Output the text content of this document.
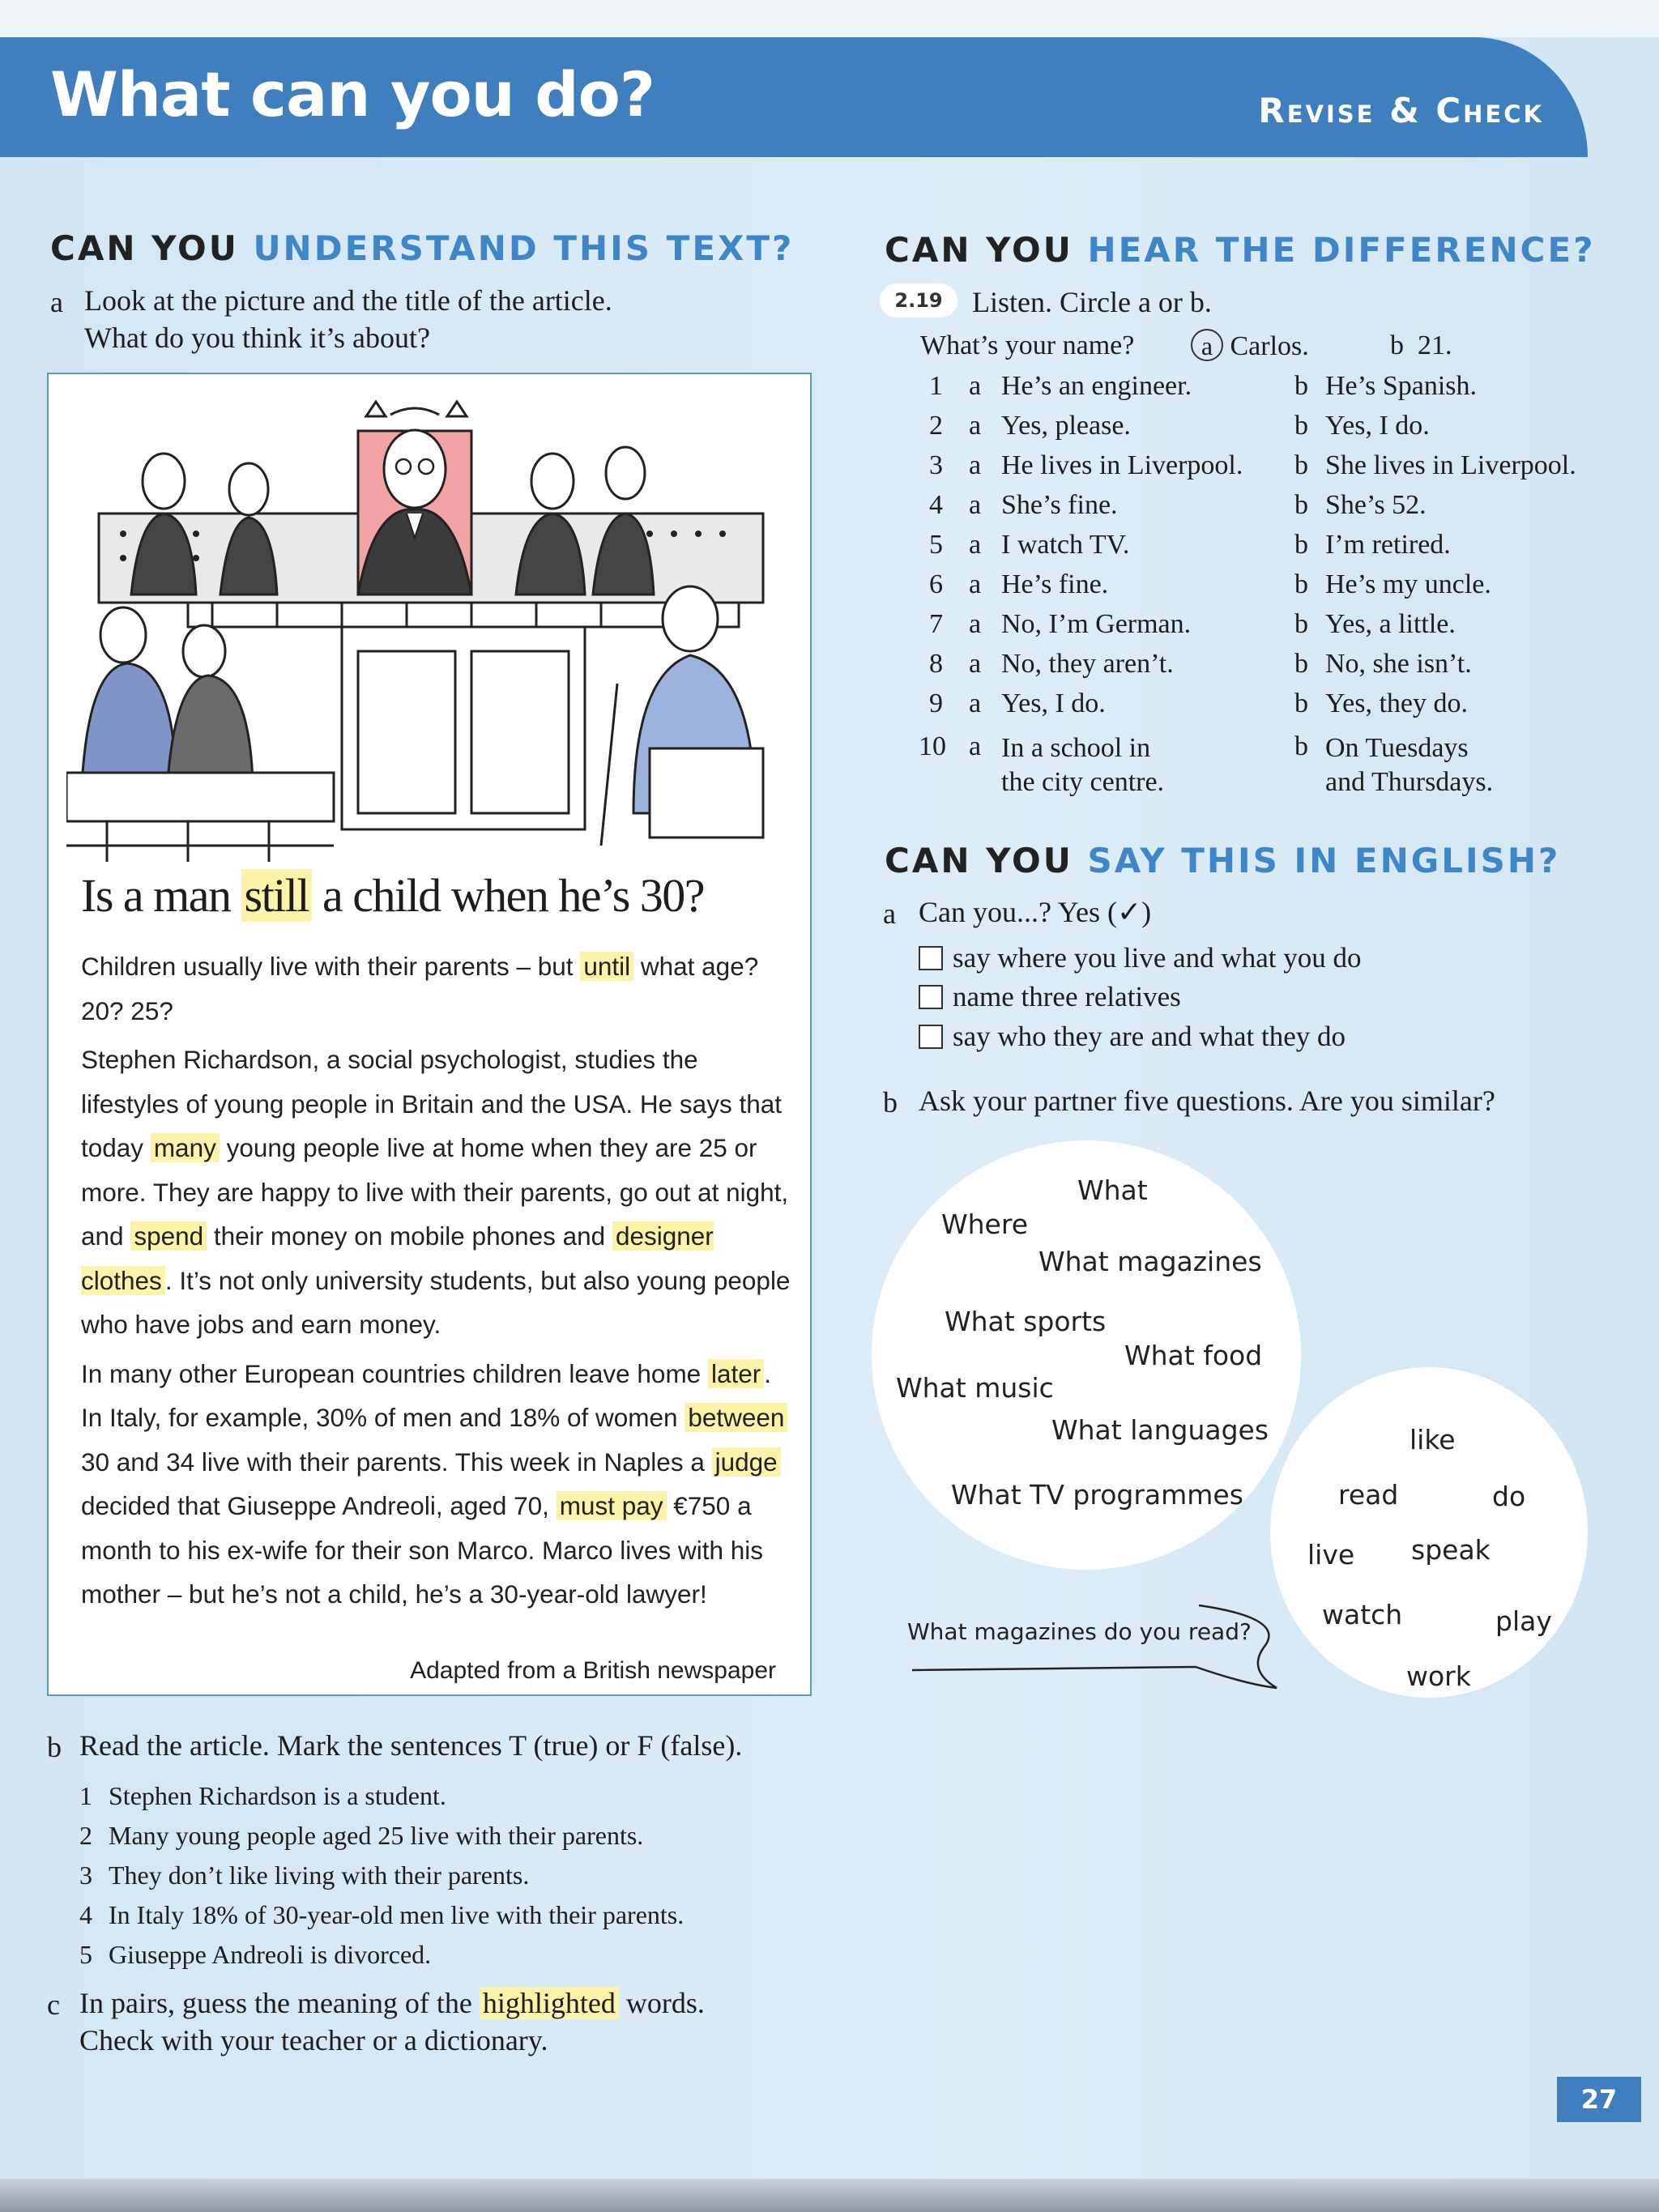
What can you do?	Revise & Check
CAN YOU UNDERSTAND THIS TEXT?
a Look at the picture and the title of the article.
What do you think it’s about?
Is a man still a child when he’s 30?

Children usually live with their parents – but until what age? 20? 25?

Stephen Richardson, a social psychologist, studies the lifestyles of young people in Britain and the USA. He says that today many young people live at home when they are 25 or more. They are happy to live with their parents, go out at night, and spend their money on mobile phones and designer clothes . It’s not only university students, but also young people who have jobs and earn money.

In many other European countries children leave home later . In Italy, for example, 30% of men and 18% of women between 30 and 34 live with their parents. This week in Naples a judge decided that Giuseppe Andreoli, aged 70, must pay €750 a month to his ex-wife for their son Marco. Marco lives with his mother – but he’s not a child, he’s a 30-year-old lawyer!

Adapted from a British newspaper
b Read the article. Mark the sentences T (true) or F (false).
1 Stephen Richardson is a student.
2 Many young people aged 25 live with their parents.
3 They don’t like living with their parents.
4 In Italy 18% of 30-year-old men live with their parents.
5 Giuseppe Andreoli is divorced.
c In pairs, guess the meaning of the highlighted words.
Check with your teacher or a dictionary.
CAN YOU HEAR THE DIFFERENCE?
2.19	Listen. Circle a or b.
What’s your name?	a Carlos.	b 21.
1 a He’s an engineer.	b He’s Spanish.
2 a Yes, please.	b Yes, I do.
3 a He lives in Liverpool. b She lives in Liverpool.
4 a She’s fine.	b She’s 52.
5 a I watch TV.	b I’m retired.
6 a He’s fine.	b He’s my uncle.
7 a No, I’m German.	b Yes, a little.
8 a No, they aren’t.	b No, she isn’t.
9 a Yes, I do.	b Yes, they do.
10 a In a school in
the city centre.
b On Tuesdays
and Thursdays.
CAN YOU SAY THIS IN ENGLISH?
a Can you...? Yes (✓)
say where you live and what you do
name three relatives
say who they are and what they do
b Ask your partner five questions. Are you similar?
What
Where
What magazines
What sports
What food
What music
What languages
What TV programmes
like
read	do
live speak
watch	play
work
What magazines do you read?
27
